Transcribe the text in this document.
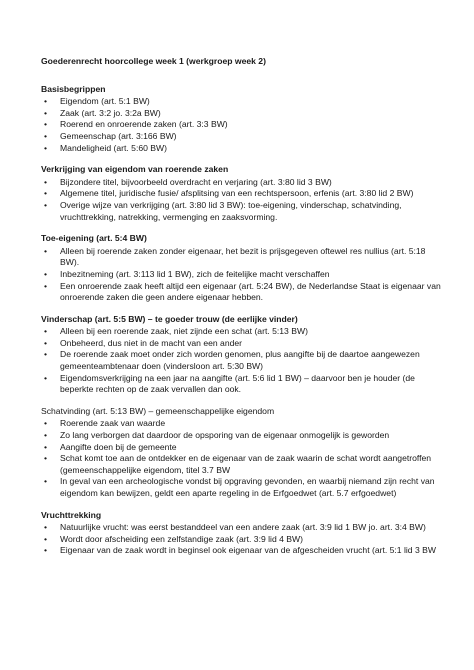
Goederenrecht hoorcollege week 1 (werkgroep week 2)
Basisbegrippen
• Eigendom (art. 5:1 BW)
• Zaak (art. 3:2 jo. 3:2a BW)
• Roerend en onroerende zaken (art. 3:3 BW)
• Gemeenschap (art. 3:166 BW)
• Mandeligheid (art. 5:60 BW)
Verkrijging van eigendom van roerende zaken
• Bijzondere titel, bijvoorbeeld overdracht en verjaring (art. 3:80 lid 3 BW)
• Algemene titel, juridische fusie/ afsplitsing van een rechtspersoon, erfenis (art. 3:80 lid 2 BW)
• Overige wijze van verkrijging (art. 3:80 lid 3 BW): toe-eigening, vinderschap, schatvinding, vruchttrekking, natrekking, vermenging en zaaksvorming.
Toe-eigening (art. 5:4 BW)
• Alleen bij roerende zaken zonder eigenaar, het bezit is prijsgegeven oftewel res nullius (art. 5:18 BW).
• Inbezitneming (art. 3:113 lid 1 BW), zich de feitelijke macht verschaffen
• Een onroerende zaak heeft altijd een eigenaar (art. 5:24 BW), de Nederlandse Staat is eigenaar van onroerende zaken die geen andere eigenaar hebben.
Vinderschap (art. 5:5 BW) – te goeder trouw (de eerlijke vinder)
• Alleen bij een roerende zaak, niet zijnde een schat (art. 5:13 BW)
• Onbeheerd, dus niet in de macht van een ander
• De roerende zaak moet onder zich worden genomen, plus aangifte bij de daartoe aangewezen gemeenteambtenaar doen (vindersloon art. 5:30 BW)
• Eigendomsverkrijging na een jaar na aangifte (art. 5:6 lid 1 BW) – daarvoor ben je houder (de beperkte rechten op de zaak vervallen dan ook.
Schatvinding (art. 5:13 BW) – gemeenschappelijke eigendom
• Roerende zaak van waarde
• Zo lang verborgen dat daardoor de opsporing van de eigenaar onmogelijk is geworden
• Aangifte doen bij de gemeente
• Schat komt toe aan de ontdekker en de eigenaar van de zaak waarin de schat wordt aangetroffen (gemeenschappelijke eigendom, titel 3.7 BW
• In geval van een archeologische vondst bij opgraving gevonden, en waarbij niemand zijn recht van eigendom kan bewijzen, geldt een aparte regeling in de Erfgoedwet (art. 5.7 erfgoedwet)
Vruchttrekking
• Natuurlijke vrucht: was eerst bestanddeel van een andere zaak (art. 3:9 lid 1 BW jo. art. 3:4 BW)
• Wordt door afscheiding een zelfstandige zaak (art. 3:9 lid 4 BW)
• Eigenaar van de zaak wordt in beginsel ook eigenaar van de afgescheiden vrucht (art. 5:1 lid 3 BW
